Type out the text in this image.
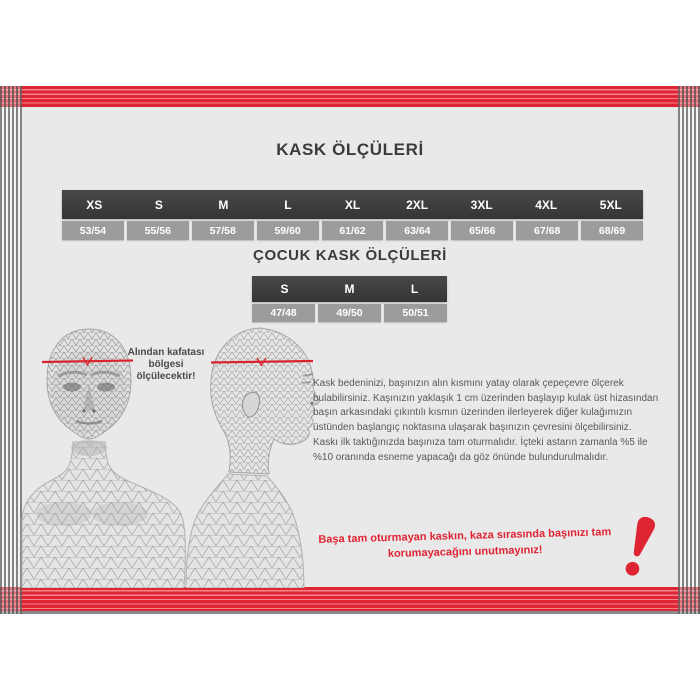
KASK ÖLÇÜLERİ
ÇOCUK KASK ÖLÇÜLERİ
XS	S	M	L	XL	2XL	3XL	4XL	5XL
53/54	55/56	57/58	59/60	61/62	63/64	65/66	67/68	68/69
S	M	L
47/48	49/50	50/51
Alından kafatası
bölgesi
ölçülecektir!

Kask bedeninizi, başınızın alın kısmını yatay olarak çepeçevre ölçerek bulabilirsiniz. Kaşınızın yaklaşık 1 cm üzerinden başlayıp kulak üst hizasından başın arkasındaki çıkıntılı kısmın üzerinden ilerleyerek diğer kulağımızın üstünden başlangıç noktasına ulaşarak başınızın çevresini ölçebilirsiniz.

Kaskı ilk taktığınızda başınıza tam oturmalıdır. İçteki astarın zamanla %5 ile %10 oranında esneme yapacağı da göz önünde bulundurulmalıdır.

Başa tam oturmayan kaskın, kaza sırasında başınızı tam
korumayacağını unutmayınız!
